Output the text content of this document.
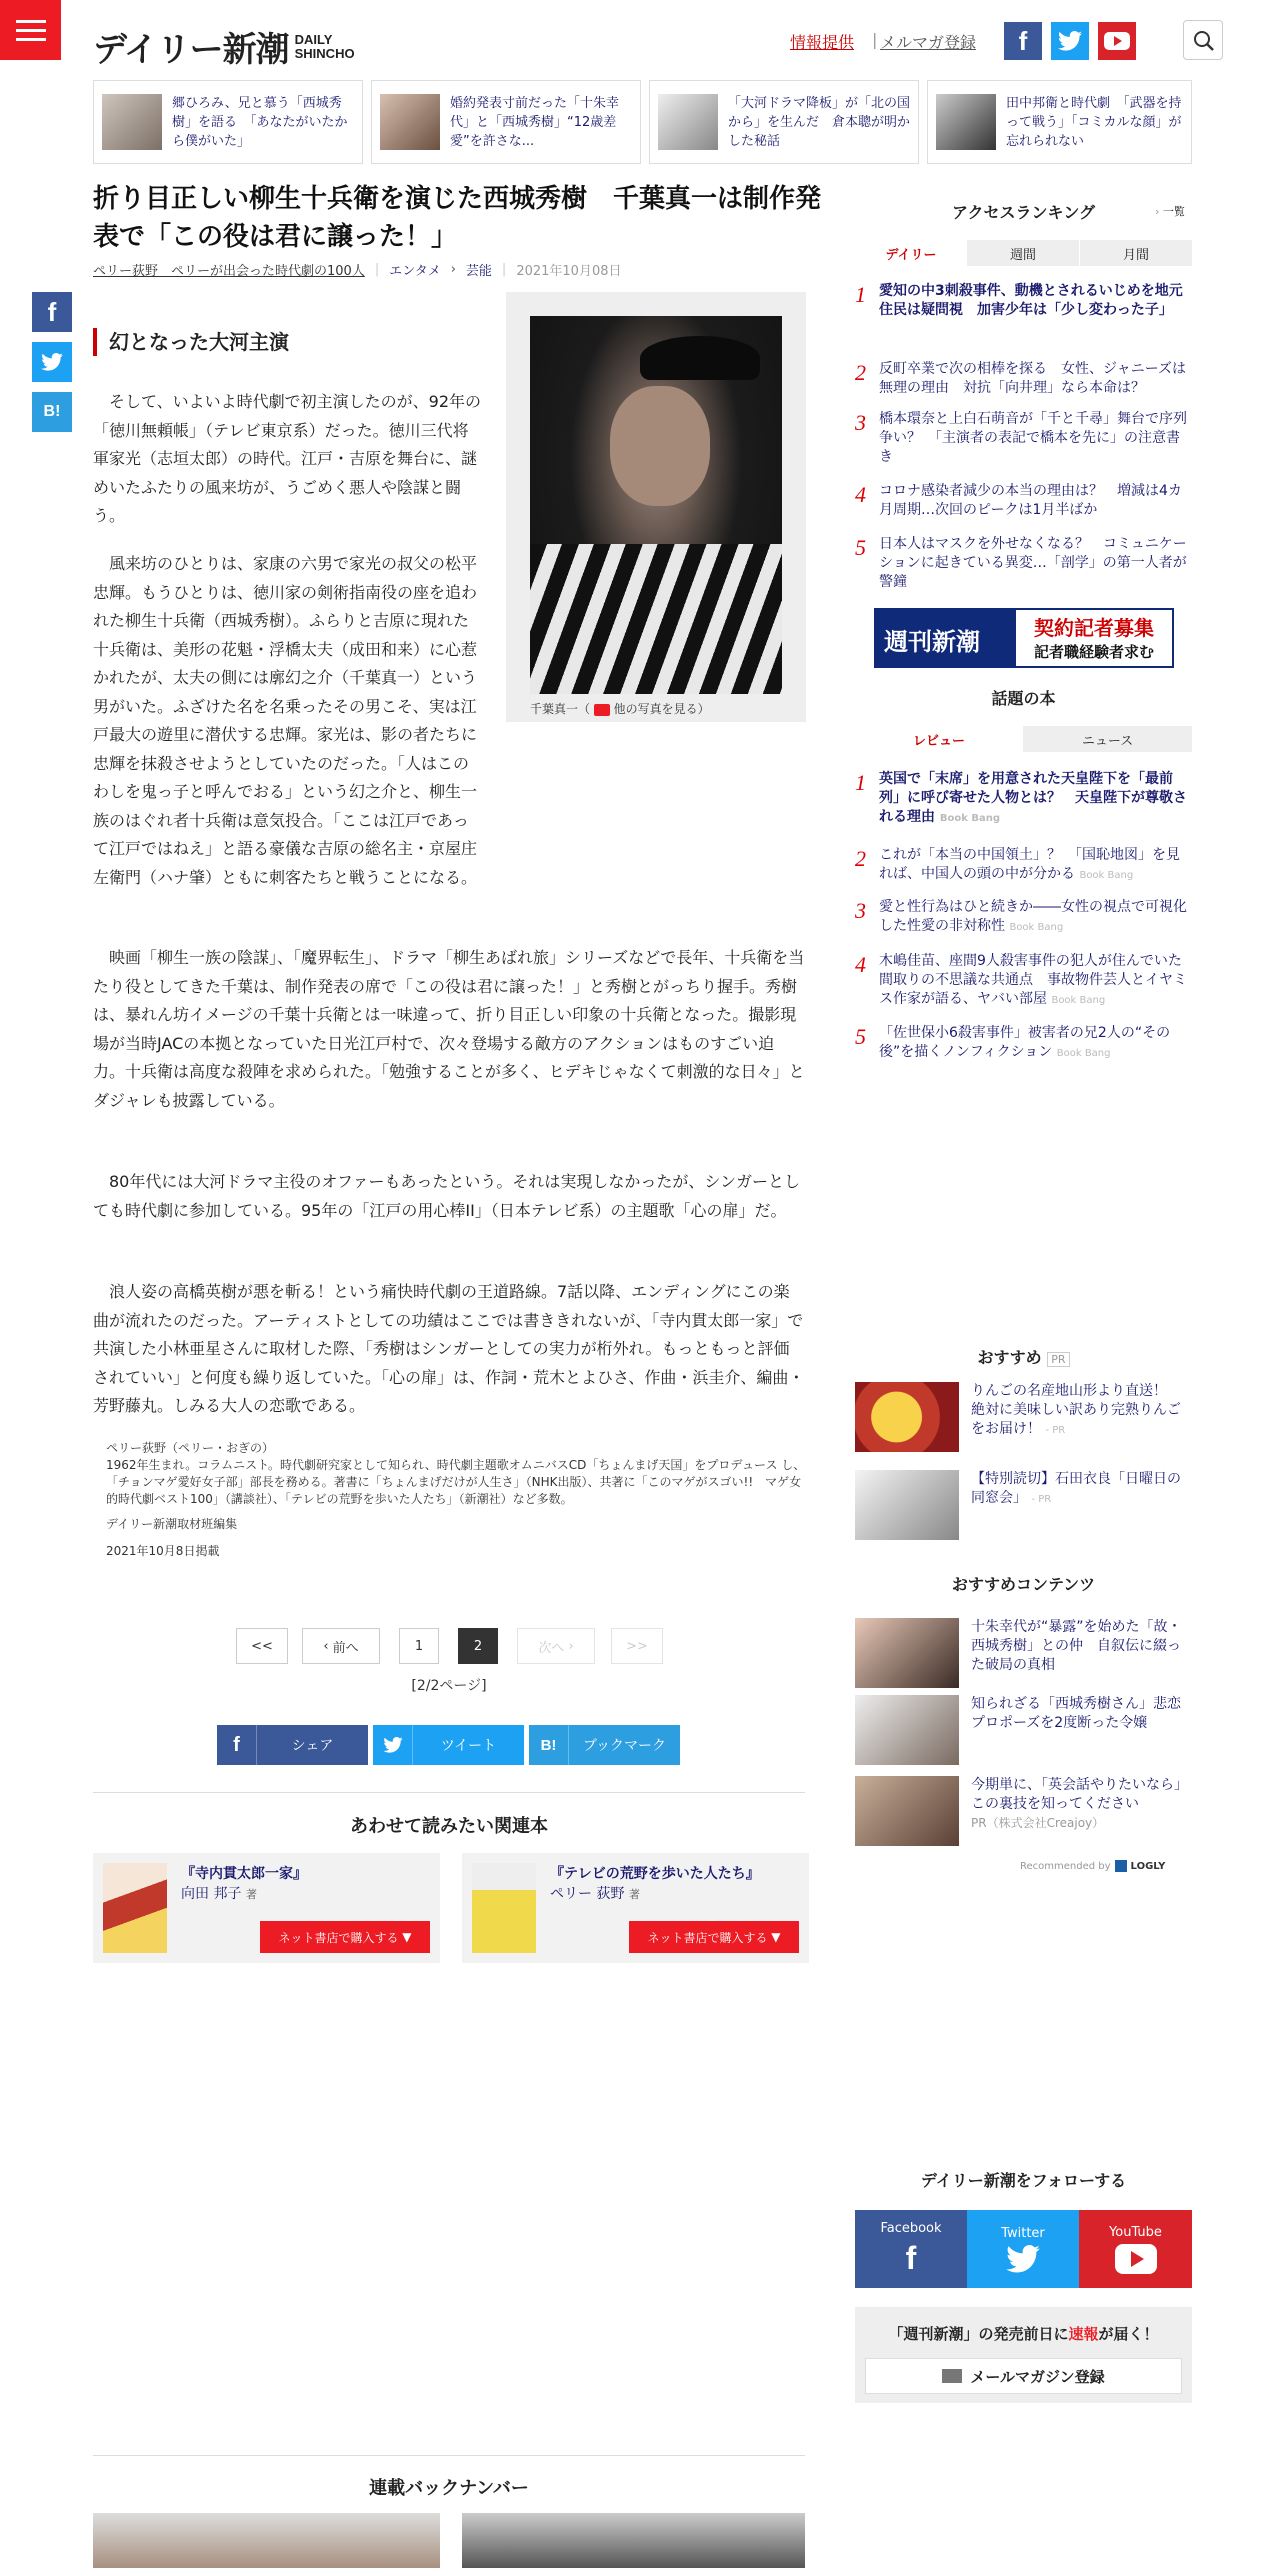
デイリー新潮 DAILY
SHINCHO
情報提供 | メルマガ登録	f
郷ひろみ、兄と慕う「西城秀樹」を語る　「あなたがいたから僕がいた」
婚約発表寸前だった「十朱幸代」と「西城秀樹」“12歳差愛”を許さな...
「大河ドラマ降板」が「北の国から」を生んだ　倉本聰が明かした秘話
田中邦衛と時代劇　「武器を持って戦う」「コミカルな顔」が忘れられない
折り目正しい柳生十兵衛を演じた西城秀樹　千葉真一は制作発表で「この役は君に譲った！」
ペリー荻野　ペリーが出会った時代劇の100人 | エンタメ › 芸能 | 2021年10月08日
f
B!
幻となった大河主演

　そして、いよいよ時代劇で初主演したのが、92年の「徳川無頼帳」（テレビ東京系）だった。徳川三代将軍家光（志垣太郎）の時代。江戸・吉原を舞台に、謎めいたふたりの風来坊が、うごめく悪人や陰謀と闘う。

　風来坊のひとりは、家康の六男で家光の叔父の松平忠輝。もうひとりは、徳川家の剣術指南役の座を追われた柳生十兵衛（西城秀樹）。ふらりと吉原に現れた十兵衛は、美形の花魁・浮橋太夫（成田和来）に心惹かれたが、太夫の側には廓幻之介（千葉真一）という男がいた。ふざけた名を名乗ったその男こそ、実は江戸最大の遊里に潜伏する忠輝。家光は、影の者たちに忠輝を抹殺させようとしていたのだった。「人はこのわしを鬼っ子と呼んでおる」という幻之介と、柳生一族のはぐれ者十兵衛は意気投合。「ここは江戸であって江戸ではねえ」と語る豪儀な吉原の総名主・京屋庄左衛門（ハナ肇）ともに刺客たちと戦うことになる。

千葉真一（ 他の写真を見る）

　映画「柳生一族の陰謀」、「魔界転生」、ドラマ「柳生あばれ旅」シリーズなどで長年、十兵衛を当たり役としてきた千葉は、制作発表の席で「この役は君に譲った！」と秀樹とがっちり握手。秀樹は、暴れん坊イメージの千葉十兵衛とは一味違って、折り目正しい印象の十兵衛となった。撮影現場が当時JACの本拠となっていた日光江戸村で、次々登場する敵方のアクションはものすごい迫力。十兵衛は高度な殺陣を求められた。「勉強することが多く、ヒデキじゃなくて刺激的な日々」とダジャレも披露している。

　80年代には大河ドラマ主役のオファーもあったという。それは実現しなかったが、シンガーとしても時代劇に参加している。95年の「江戸の用心棒II」（日本テレビ系）の主題歌「心の扉」だ。

　浪人姿の高橋英樹が悪を斬る！という痛快時代劇の王道路線。7話以降、エンディングにこの楽曲が流れたのだった。アーティストとしての功績はここでは書ききれないが、「寺内貫太郎一家」で共演した小林亜星さんに取材した際、「秀樹はシンガーとしての実力が桁外れ。もっともっと評価されていい」と何度も繰り返していた。「心の扉」は、作詞・荒木とよひさ、作曲・浜圭介、編曲・芳野藤丸。しみる大人の恋歌である。

ペリー荻野（ペリー・おぎの）
1962年生まれ。コラムニスト。時代劇研究家として知られ、時代劇主題歌オムニバスCD「ちょんまげ天国」をプロデュース し、「チョンマゲ愛好女子部」部長を務める。著書に「ちょんまげだけが人生さ」（NHK出版）、共著に「このマゲがスゴい!!　マゲ女的時代劇ベスト100」（講談社）、「テレビの荒野を歩いた人たち」（新潮社）など多数。
デイリー新潮取材班編集
2021年10月8日掲載
<<	‹ 前へ	1	2	次へ ›	>>
[2/2ページ]
f	シェア	ツイート	B!	ブックマーク
あわせて読みたい関連本
『寺内貫太郎一家』
向田 邦子 著
ネット書店で購入する
▼
『テレビの荒野を歩いた人たち』
ペリー 荻野 著
ネット書店で購入する
▼
連載バックナンバー
アクセスランキング	› 一覧
デイリー	週間	月間
1 愛知の中3刺殺事件、動機とされるいじめを地元住民は疑問視　加害少年は「少し変わった子」
2 反町卒業で次の相棒を探る　女性、ジャニーズは無理の理由　対抗「向井理」なら本命は？
3 橋本環奈と上白石萌音が「千と千尋」舞台で序列争い？　「主演者の表記で橋本を先に」の注意書き
4 コロナ感染者減少の本当の理由は？　増減は4カ月周期…次回のピークは1月半ばか
5 日本人はマスクを外せなくなる？　コミュニケーションに起きている異変…「剖学」の第一人者が警鐘
週刊新潮	契約記者募集
記者職経験者求む
話題の本
レビュー	ニュース
1 英国で「末席」を用意された天皇陛下を「最前列」に呼び寄せた人物とは？　天皇陛下が尊敬される理由 Book Bang
2 これが「本当の中国領土」？　「国恥地図」を見れば、中国人の頭の中が分かる Book Bang
3 愛と性行為はひと続きか――女性の視点で可視化した性愛の非対称性 Book Bang
4 木嶋佳苗、座間9人殺害事件の犯人が住んでいた間取りの不思議な共通点　事故物件芸人とイヤミス作家が語る、ヤバい部屋 Book Bang
5 「佐世保小6殺害事件」被害者の兄2人の“その後”を描くノンフィクション Book Bang
おすすめ PR
りんごの名産地山形より直送！　絶対に美味しい訳あり完熟りんごをお届け！ - PR
【特別読切】石田衣良「日曜日の同窓会」 - PR
おすすめコンテンツ
十朱幸代が“暴露”を始めた「故・西城秀樹」との仲　自叙伝に綴った破局の真相
知られざる「西城秀樹さん」悲恋 プロポーズを2度断った令嬢
今期単に、「英会話やりたいなら」この裏技を知ってください
PR（株式会社Creajoy）
Recommended by LOGLY
デイリー新潮をフォローする
Facebook
f
Twitter	YouTube
「週刊新潮」の発売前日に速報が届く！
メールマガジン登録
